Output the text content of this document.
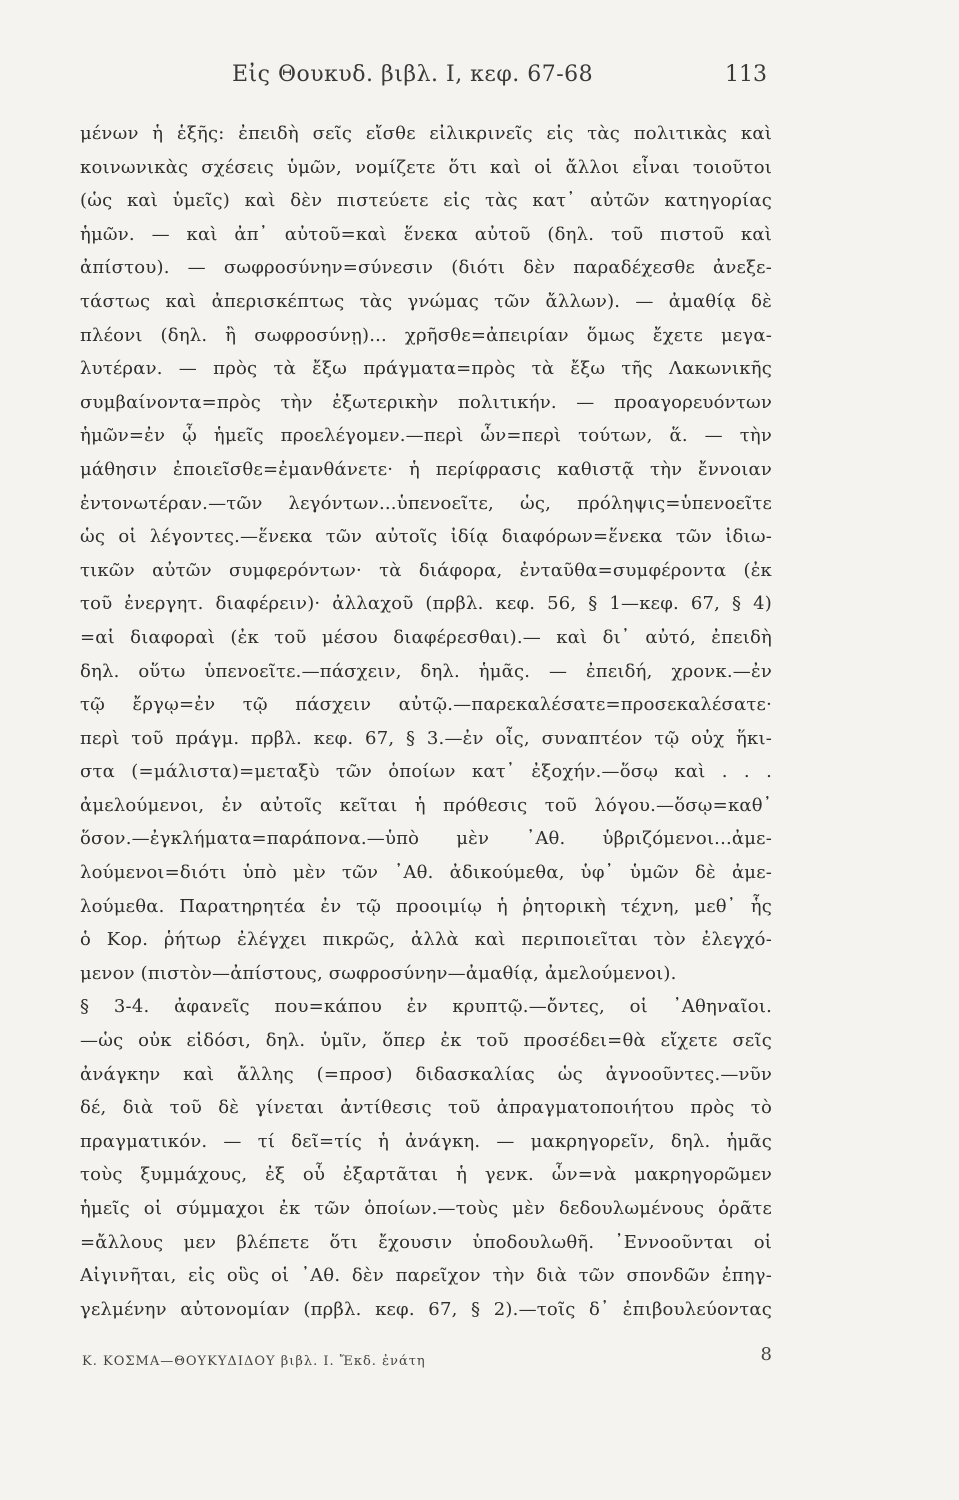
Εἰς Θουκυδ. βιβλ. I, κεφ. 67-68	113
μένων ἡ ἑξῆς: ἐπειδὴ σεῖς εἴσθε εἰλικρινεῖς εἰς τὰς πολιτικὰς καὶ
κοινωνικὰς σχέσεις ὑμῶν, νομίζετε ὅτι καὶ οἱ ἄλλοι εἶναι τοιοῦτοι
(ὡς καὶ ὑμεῖς) καὶ δὲν πιστεύετε εἰς τὰς κατ᾿ αὐτῶν κατηγορίας
ἡμῶν. — καὶ ἀπ᾿ αὐτοῦ=καὶ ἕνεκα αὐτοῦ (δηλ. τοῦ πιστοῦ καὶ
ἀπίστου). — σωφροσύνην=σύνεσιν (διότι δὲν παραδέχεσθε ἀνεξε-
τάστως καὶ ἀπερισκέπτως τὰς γνώμας τῶν ἄλλων). — ἀμαθίᾳ δὲ
πλέονι (δηλ. ἢ σωφροσύνῃ)... χρῆσθε=ἀπειρίαν ὅμως ἔχετε μεγα-
λυτέραν. — πρὸς τὰ ἔξω πράγματα=πρὸς τὰ ἔξω τῆς Λακωνικῆς
συμβαίνοντα=πρὸς τὴν ἐξωτερικὴν πολιτικήν. — προαγορευόντων
ἡμῶν=ἐν ᾧ ἡμεῖς προελέγομεν.—περὶ ὧν=περὶ τούτων, ἅ. — τὴν
μάθησιν ἐποιεῖσθε=ἐμανθάνετε· ἡ περίφρασις καθιστᾷ τὴν ἔννοιαν
ἐντονωτέραν.—τῶν λεγόντων...ὑπενοεῖτε, ὡς, πρόληψις=ὑπενοεῖτε
ὡς οἱ λέγοντες.—ἕνεκα τῶν αὐτοῖς ἰδίᾳ διαφόρων=ἕνεκα τῶν ἰδιω-
τικῶν αὐτῶν συμφερόντων· τὰ διάφορα, ἐνταῦθα=συμφέροντα (ἐκ
τοῦ ἐνεργητ. διαφέρειν)· ἀλλαχοῦ (πρβλ. κεφ. 56, § 1—κεφ. 67, § 4)
=αἱ διαφοραὶ (ἐκ τοῦ μέσου διαφέρεσθαι).— καὶ δι᾿ αὐτό, ἐπειδὴ
δηλ. οὕτω ὑπενοεῖτε.—πάσχειν, δηλ. ἡμᾶς. — ἐπειδή, χρονκ.—ἐν
τῷ ἔργῳ=ἐν τῷ πάσχειν αὐτῷ.—παρεκαλέσατε=προσεκαλέσατε·
περὶ τοῦ πράγμ. πρβλ. κεφ. 67, § 3.—ἐν οἷς, συναπτέον τῷ οὐχ ἥκι-
στα (=μάλιστα)=μεταξὺ τῶν ὁποίων κατ᾿ ἐξοχήν.—ὅσῳ καὶ . . .
ἀμελούμενοι, ἐν αὐτοῖς κεῖται ἡ πρόθεσις τοῦ λόγου.—ὅσῳ=καθ᾿
ὅσον.—ἐγκλήματα=παράπονα.—ὑπὸ μὲν ᾿Αθ. ὑβριζόμενοι...ἀμε-
λούμενοι=διότι ὑπὸ μὲν τῶν ᾿Αθ. ἀδικούμεθα, ὑφ᾿ ὑμῶν δὲ ἀμε-
λούμεθα. Παρατηρητέα ἐν τῷ προοιμίῳ ἡ ῥητορικὴ τέχνη, μεθ᾿ ἧς
ὁ Κορ. ῥήτωρ ἐλέγχει πικρῶς, ἀλλὰ καὶ περιποιεῖται τὸν ἐλεγχό-
μενον (πιστὸν—ἀπίστους, σωφροσύνην—ἀμαθίᾳ, ἀμελούμενοι).
§ 3-4. ἀφανεῖς που=κάπου ἐν κρυπτῷ.—ὄντες, οἱ ᾿Αθηναῖοι.
—ὡς οὐκ εἰδόσι, δηλ. ὑμῖν, ὅπερ ἐκ τοῦ προσέδει=θὰ εἴχετε σεῖς
ἀνάγκην καὶ ἄλλης (=προσ) διδασκαλίας ὡς ἀγνοοῦντες.—νῦν
δέ, διὰ τοῦ δὲ γίνεται ἀντίθεσις τοῦ ἀπραγματοποιήτου πρὸς τὸ
πραγματικόν. — τί δεῖ=τίς ἡ ἀνάγκη. — μακρηγορεῖν, δηλ. ἡμᾶς
τοὺς ξυμμάχους, ἐξ οὗ ἐξαρτᾶται ἡ γενκ. ὧν=νὰ μακρηγορῶμεν
ἡμεῖς οἱ σύμμαχοι ἐκ τῶν ὁποίων.—τοὺς μὲν δεδουλωμένους ὁρᾶτε
=ἄλλους μεν βλέπετε ὅτι ἔχουσιν ὑποδουλωθῆ. ᾿Εννοοῦνται οἱ
Αἰγινῆται, εἰς οὓς οἱ ᾿Αθ. δὲν παρεῖχον τὴν διὰ τῶν σπονδῶν ἐπηγ-
γελμένην αὐτονομίαν (πρβλ. κεφ. 67, § 2).—τοῖς δ᾿ ἐπιβουλεύοντας
Κ. ΚΟΣΜΑ—ΘΟΥΚΥΔΙΔΟΥ βιβλ. I. Ἔκδ. ἐνάτη	8
